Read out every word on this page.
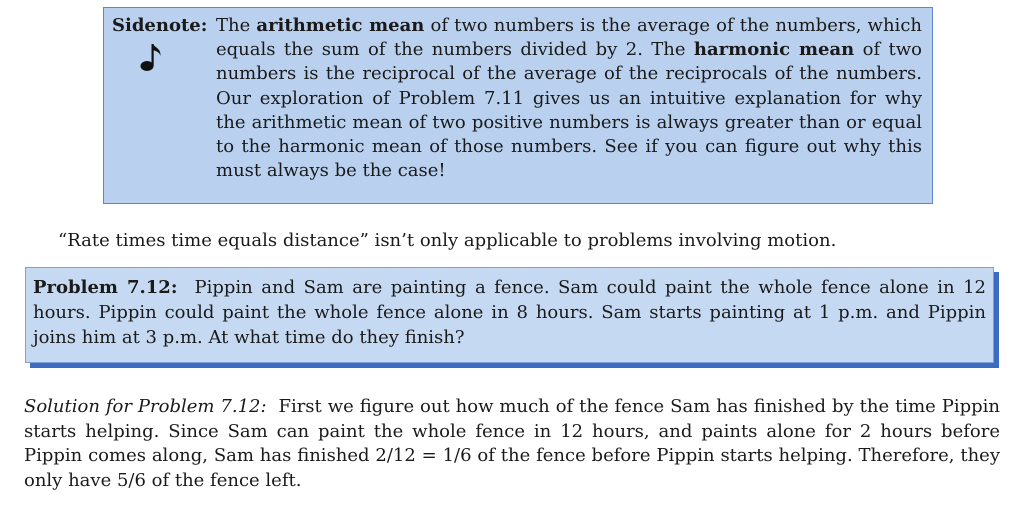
Sidenote: The arithmetic mean of two numbers is the average of the numbers, which equals the sum of the numbers divided by 2. The harmonic mean of two numbers is the reciprocal of the average of the reciprocals of the numbers. Our exploration of Problem 7.11 gives us an intuitive explanation for why the arithmetic mean of two positive numbers is always greater than or equal to the harmonic mean of those numbers. See if you can figure out why this must always be the case!
“Rate times time equals distance” isn’t only applicable to problems involving motion.
Problem 7.12: Pippin and Sam are painting a fence. Sam could paint the whole fence alone in 12 hours. Pippin could paint the whole fence alone in 8 hours. Sam starts painting at 1 p.m. and Pippin joins him at 3 p.m. At what time do they finish?
Solution for Problem 7.12: First we figure out how much of the fence Sam has finished by the time Pippin starts helping. Since Sam can paint the whole fence in 12 hours, and paints alone for 2 hours before Pippin comes along, Sam has finished 2/12 = 1/6 of the fence before Pippin starts helping. Therefore, they only have 5/6 of the fence left.
